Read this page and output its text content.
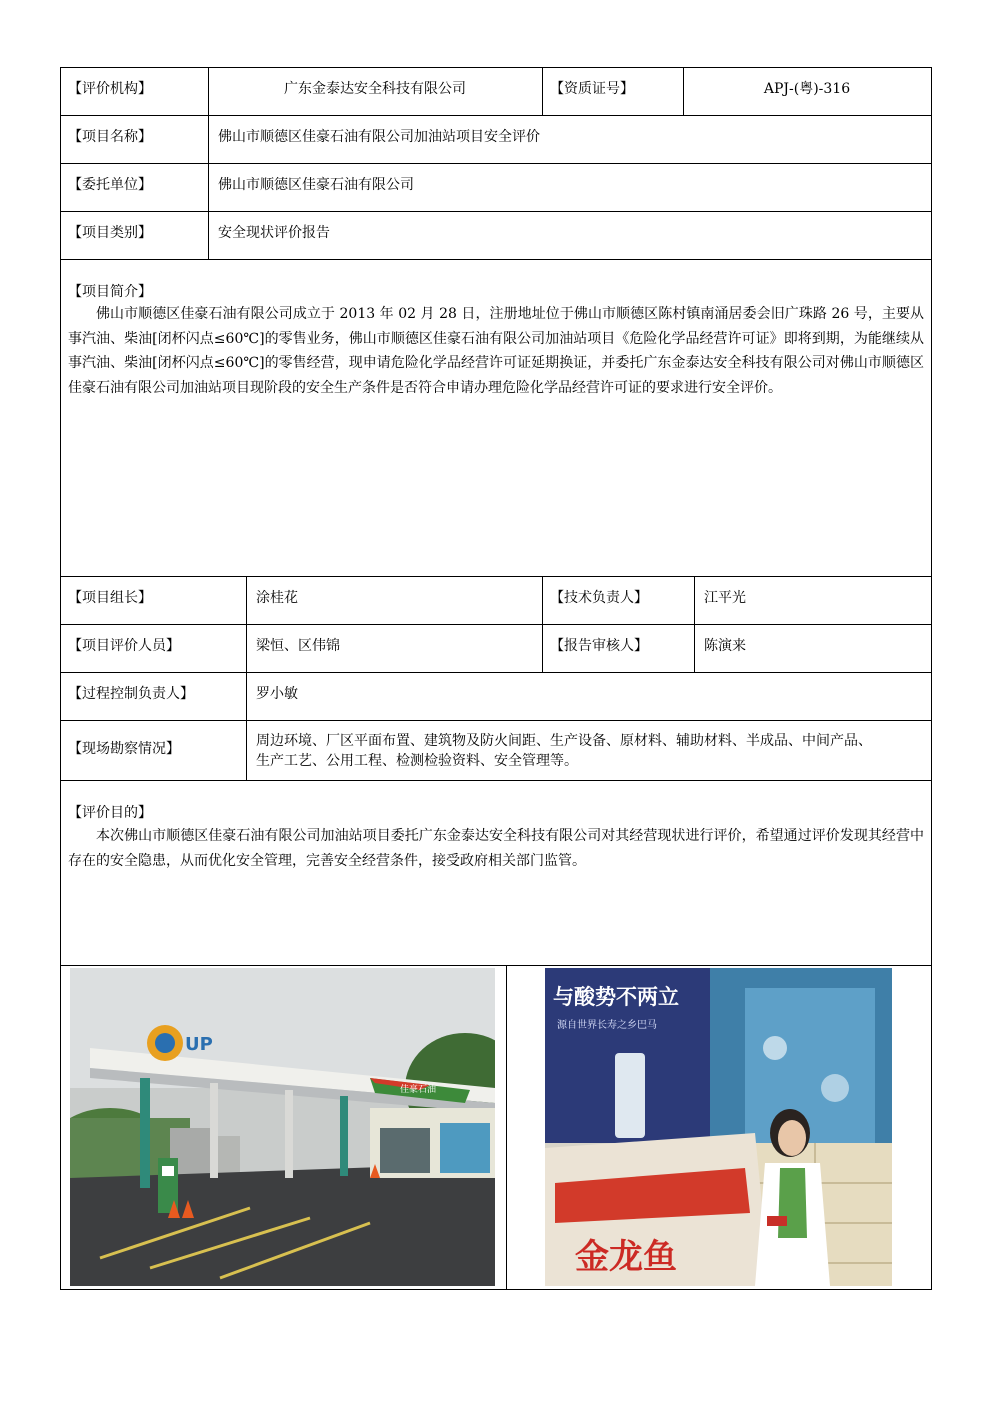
【评价机构】	广东金泰达安全科技有限公司	【资质证号】	APJ-(粤)-316
【项目名称】	佛山市顺德区佳豪石油有限公司加油站项目安全评价
【委托单位】	佛山市顺德区佳豪石油有限公司
【项目类别】	安全现状评价报告
【项目简介】

佛山市顺德区佳豪石油有限公司成立于 2013 年 02 月 28 日，注册地址位于佛山市顺德区陈村镇南涌居委会旧广珠路 26 号，主要从事汽油、柴油[闭杯闪点≤60℃]的零售业务，佛山市顺德区佳豪石油有限公司加油站项目《危险化学品经营许可证》即将到期，为能继续从事汽油、柴油[闭杯闪点≤60℃]的零售经营，现申请危险化学品经营许可证延期换证，并委托广东金泰达安全科技有限公司对佛山市顺德区佳豪石油有限公司加油站项目现阶段的安全生产条件是否符合申请办理危险化学品经营许可证的要求进行安全评价。

【项目组长】	涂桂花	【技术负责人】	江平光
【项目评价人员】	梁恒、区伟锦	【报告审核人】	陈演来
【过程控制负责人】	罗小敏
【现场勘察情况】	周边环境、厂区平面布置、建筑物及防火间距、生产设备、原材料、辅助材料、半成品、中间产品、
生产工艺、公用工程、检测检验资料、安全管理等。
【评价目的】

本次佛山市顺德区佳豪石油有限公司加油站项目委托广东金泰达安全科技有限公司对其经营现状进行评价，希望通过评价发现其经营中存在的安全隐患，从而优化安全管理，完善安全经营条件，接受政府相关部门监管。

UP
佳豪石油
与酸势不两立
源自世界长寿之乡巴马
金龙鱼
